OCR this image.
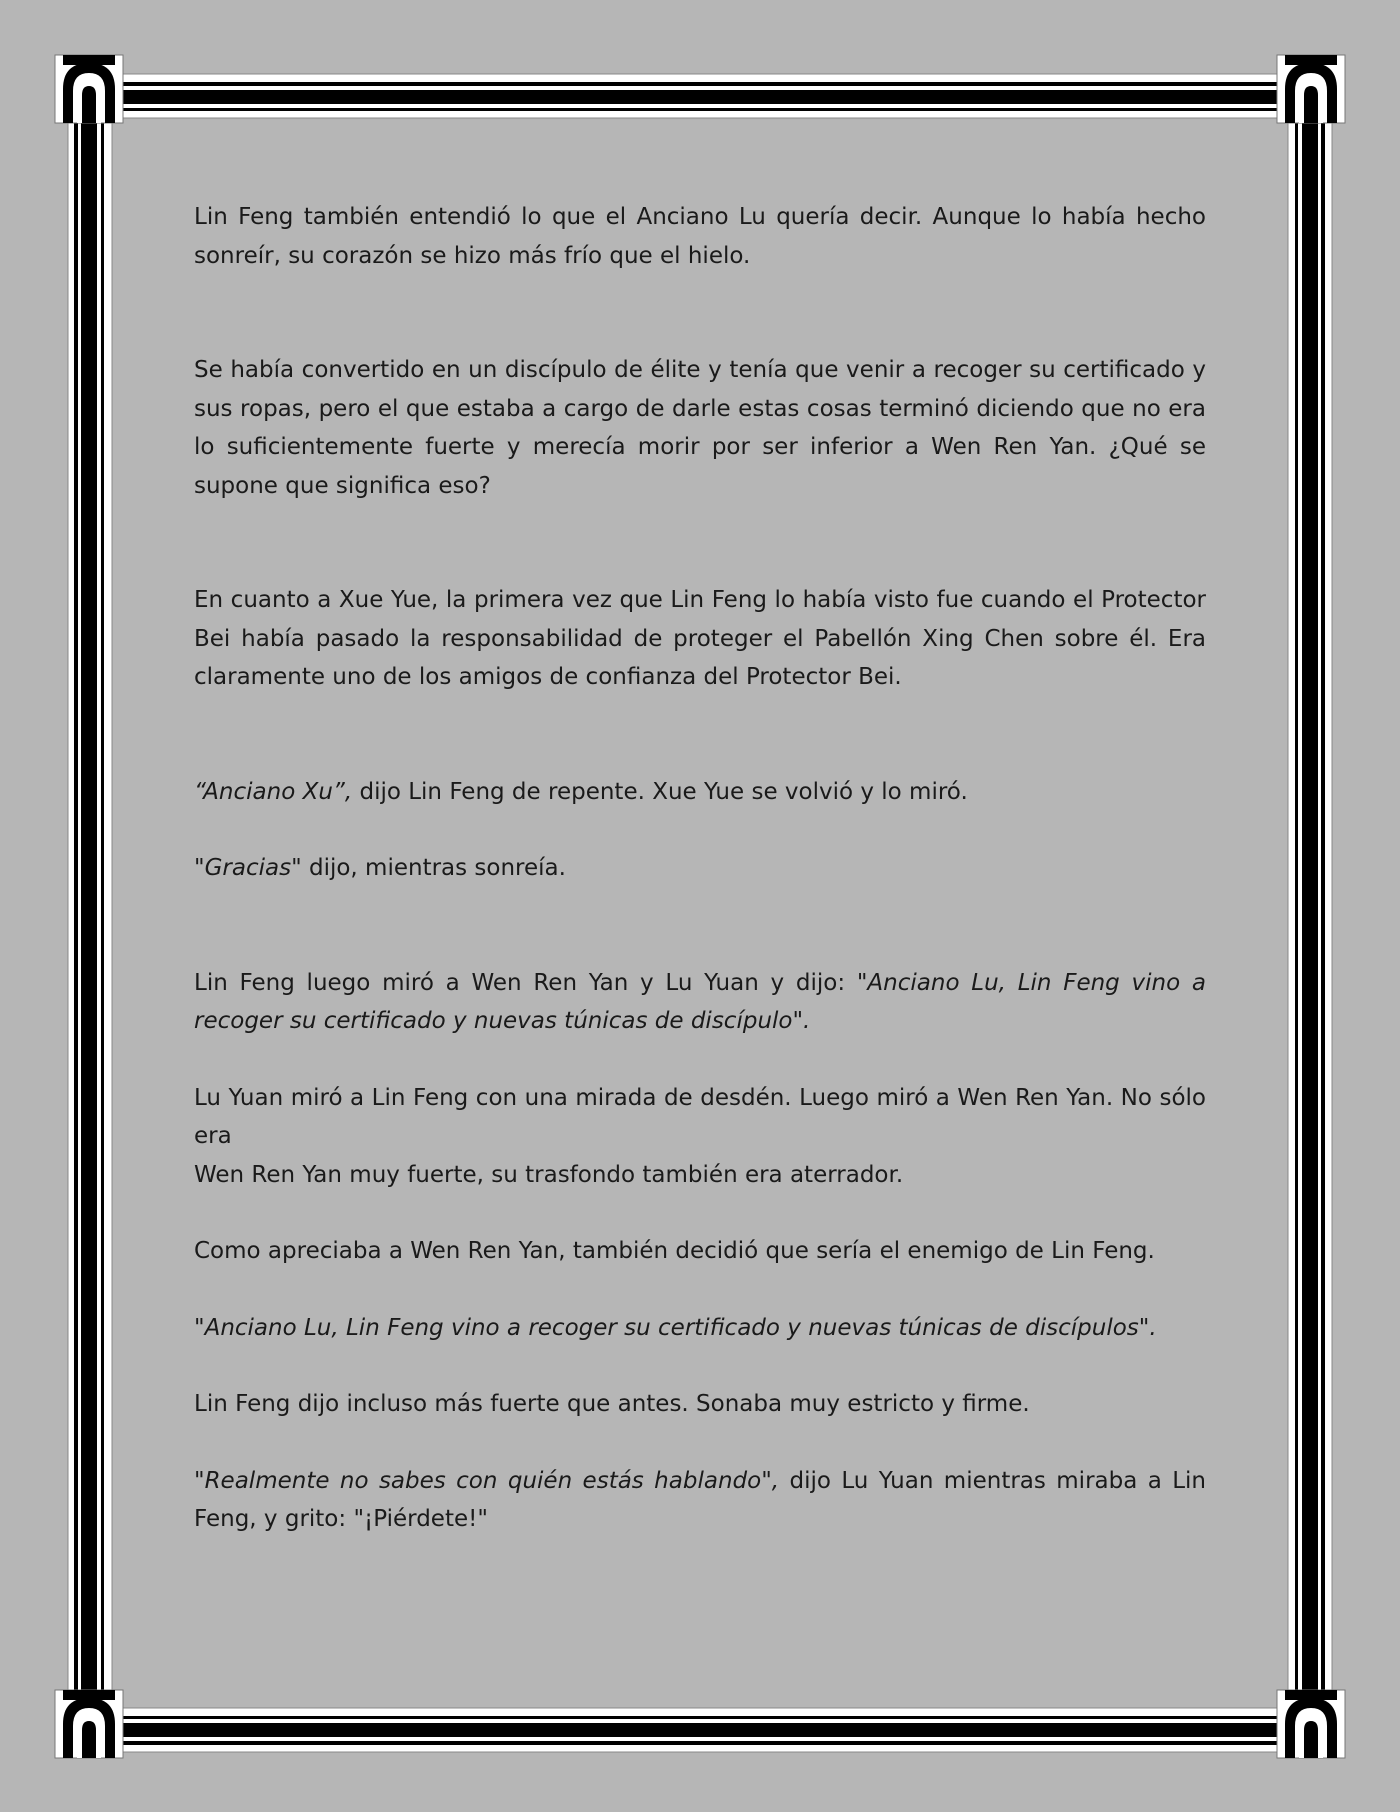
Lin Feng también entendió lo que el Anciano Lu quería decir. Aunque lo había hecho sonreír, su corazón se hizo más frío que el hielo.

Se había convertido en un discípulo de élite y tenía que venir a recoger su certificado y sus ropas, pero el que estaba a cargo de darle estas cosas terminó diciendo que no era lo suficientemente fuerte y merecía morir por ser inferior a Wen Ren Yan. ¿Qué se supone que significa eso?

En cuanto a Xue Yue, la primera vez que Lin Feng lo había visto fue cuando el Protector Bei había pasado la responsabilidad de proteger el Pabellón Xing Chen sobre él. Era claramente uno de los amigos de confianza del Protector Bei.

“Anciano Xu”, dijo Lin Feng de repente. Xue Yue se volvió y lo miró.

"Gracias" dijo, mientras sonreía.

Lin Feng luego miró a Wen Ren Yan y Lu Yuan y dijo: "Anciano Lu, Lin Feng vino a recoger su certificado y nuevas túnicas de discípulo".

Lu Yuan miró a Lin Feng con una mirada de desdén. Luego miró a Wen Ren Yan. No sólo era

Wen Ren Yan muy fuerte, su trasfondo también era aterrador.

Como apreciaba a Wen Ren Yan, también decidió que sería el enemigo de Lin Feng.

"Anciano Lu, Lin Feng vino a recoger su certificado y nuevas túnicas de discípulos".

Lin Feng dijo incluso más fuerte que antes. Sonaba muy estricto y firme.

"Realmente no sabes con quién estás hablando", dijo Lu Yuan mientras miraba a Lin Feng, y grito: "¡Piérdete!"
